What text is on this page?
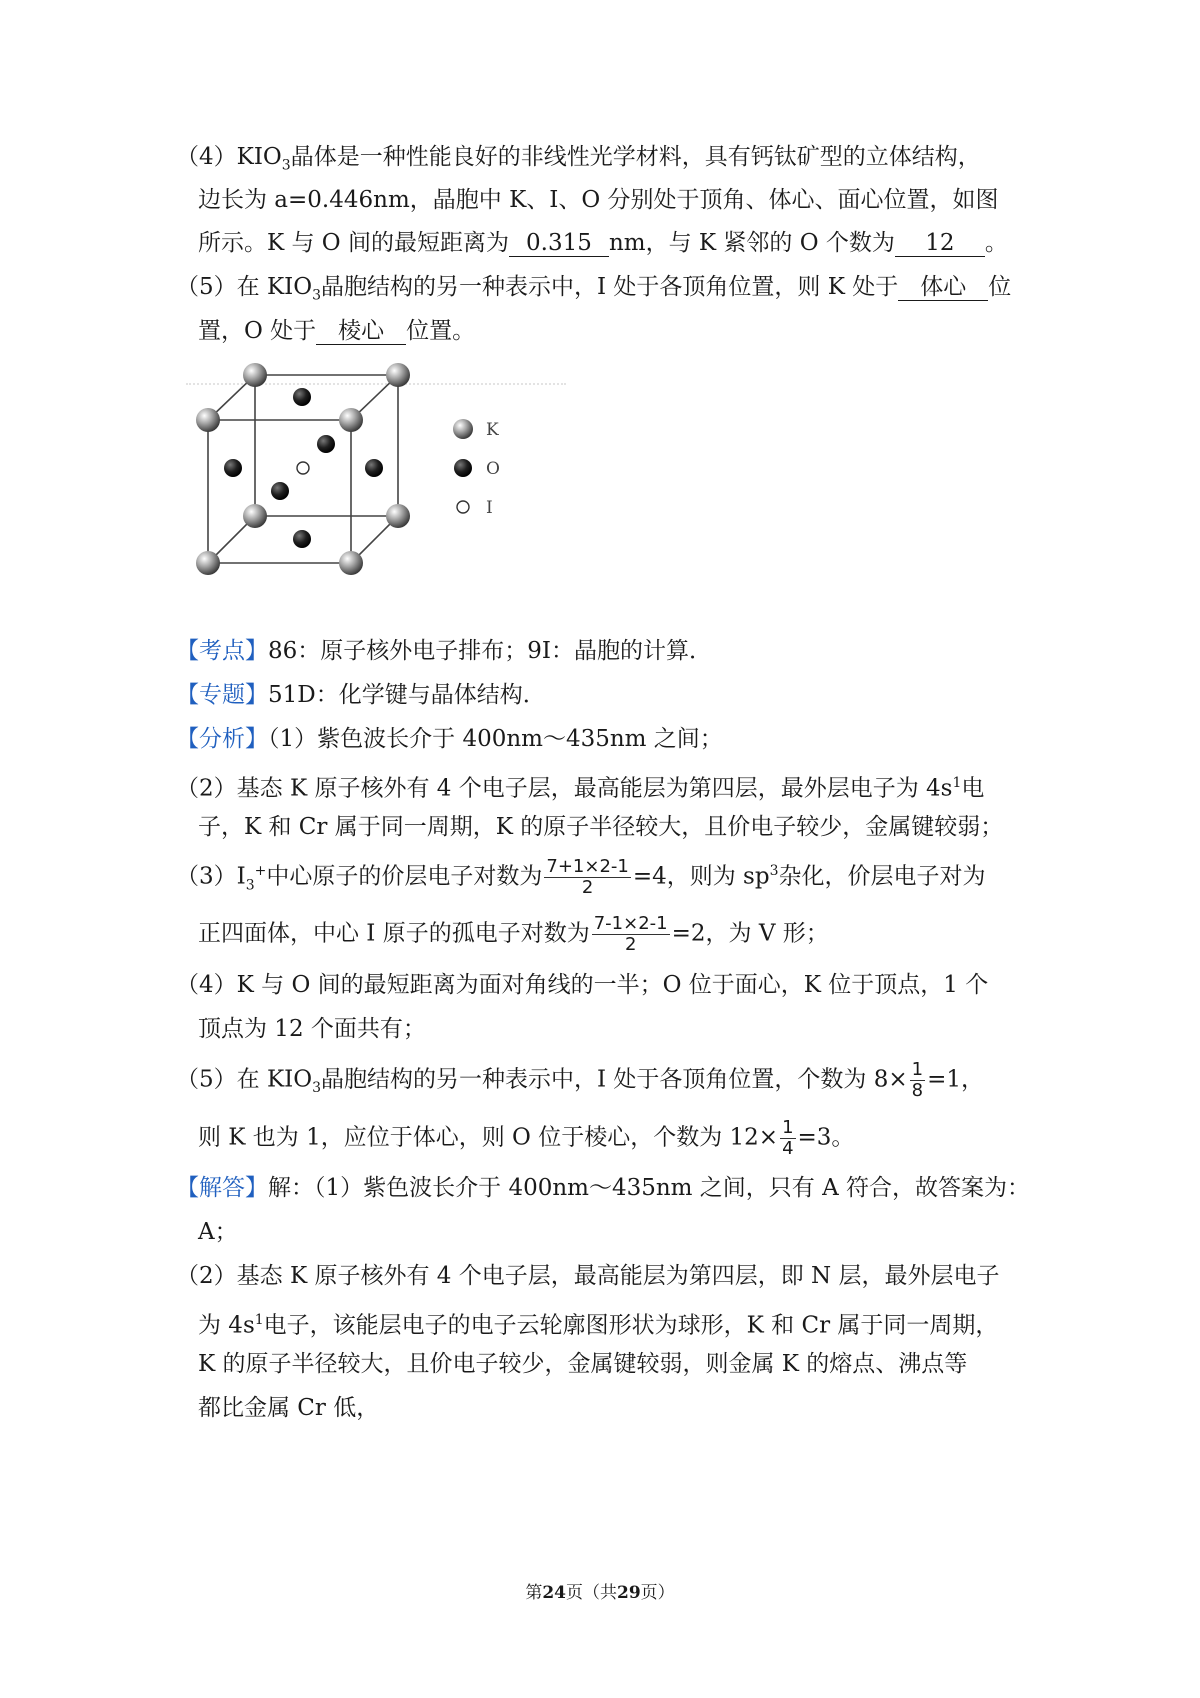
$(4)KIO_3$晶体是一种性能良好的非线性光学材料，具有钙钛矿型的立体结构，
边长为 a=0.446nm，晶胞中 K、I、O 分别处于顶角、体心、面心位置，如图
所示。K 与 O 间的最短距离为 0.315 nm，与 K 紧邻的 O 个数为 12 。
（5）在 $KIO_3$晶胞结构的另一种表示中，I 处于各顶角位置，则 K 处于 体心 位
置，O 处于 棱心 位置。
K
O
I
【考点】86：原子核外电子排布；9I：晶胞的计算．
【专题】51D：化学键与晶体结构．
【分析】（1）紫色波长介于 400nm～435nm 之间；
（2）基态 K 原子核外有 4 个电子层，最高能层为第四层，最外层电子为 $4s^1$电
子，K 和 Cr 属于同一周期，K 的原子半径较大，且价电子较少，金属键较弱；
$(3)I_3^+$中心原子的价层电子对数为 $\frac{7+1\times 2-1}{2} =4$，则为 $sp^3$杂化，价层电子对为
正四面体，中心 I 原子的孤电子对数为 $\frac{7-1\times 2-1}{2} =2$，为 V 形；
（4）K 与 O 间的最短距离为面对角线的一半；O 位于面心，K 位于顶点，1 个
顶点为 12 个面共有；
（5）在 $KIO_3$晶胞结构的另一种表示中，I 处于各顶角位置，个数为 $8\times \frac{1}{8} =1$，
则 K 也为 1，应位于体心，则 O 位于棱心，个数为 $12\times \frac{1}{4} =3$。
【解答】解：（1）紫色波长介于 400nm～435nm 之间，只有 A 符合，故答案为：
A；
（2）基态 K 原子核外有 4 个电子层，最高能层为第四层，即 N 层，最外层电子
为 $4s^1$电子，该能层电子的电子云轮廓图形状为球形，K 和 Cr 属于同一周期，
K 的原子半径较大，且价电子较少，金属键较弱，则金属 K 的熔点、沸点等
都比金属 Cr 低，
第24页（共29页）
